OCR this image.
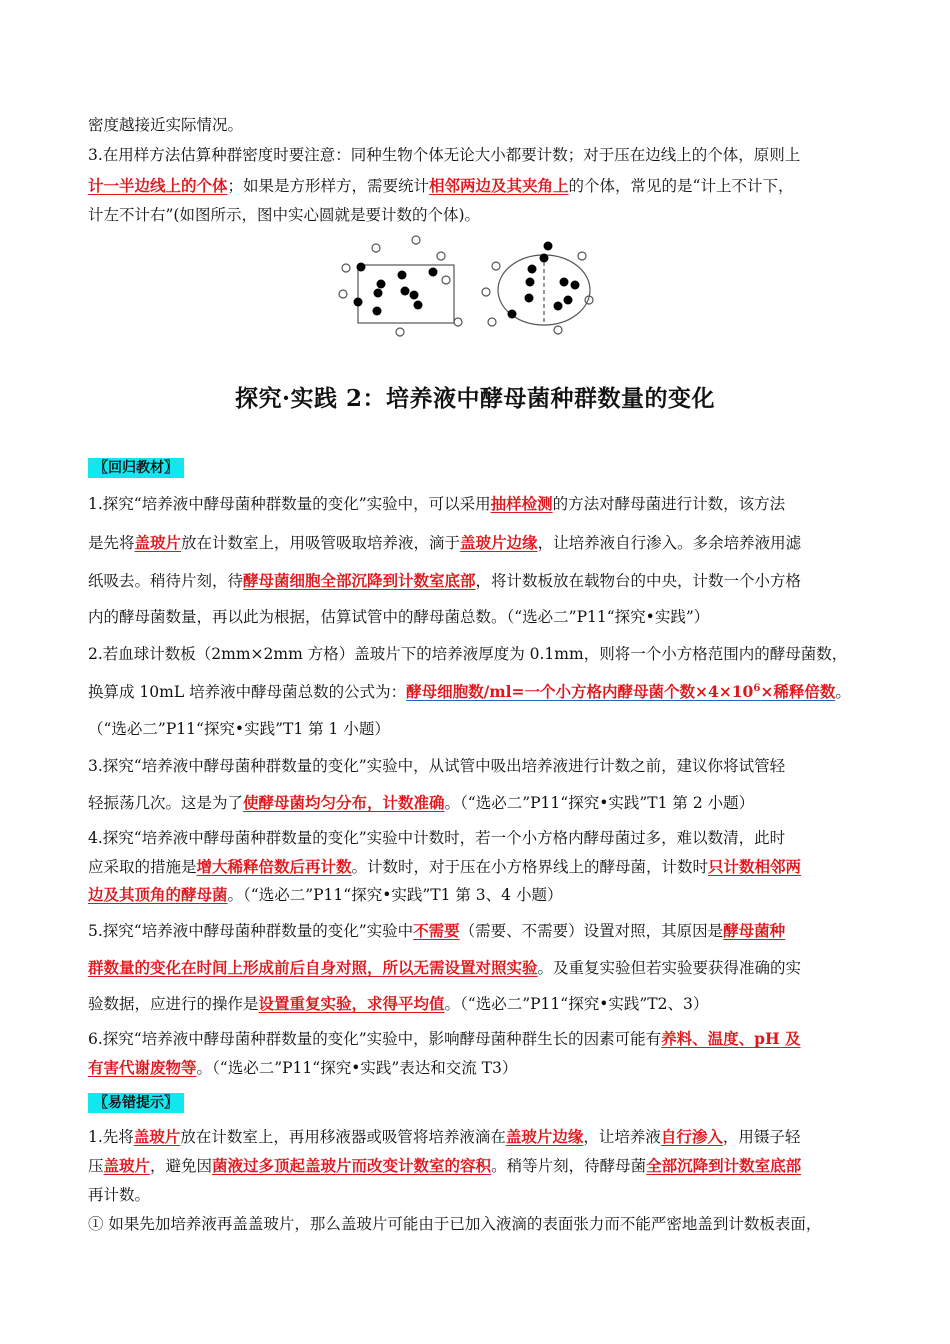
密度越接近实际情况。
3.在用样方法估算种群密度时要注意：同种生物个体无论大小都要计数；对于压在边线上的个体，原则上
计一半边线上的个体；如果是方形样方，需要统计相邻两边及其夹角上的个体，常见的是“计上不计下，
计左不计右”(如图所示，图中实心圆就是要计数的个体)。
探究·实践 2：培养液中酵母菌种群数量的变化
〖回归教材〗
1.探究“培养液中酵母菌种群数量的变化”实验中，可以采用抽样检测的方法对酵母菌进行计数，该方法
是先将盖玻片放在计数室上，用吸管吸取培养液，滴于盖玻片边缘，让培养液自行渗入。多余培养液用滤
纸吸去。稍待片刻，待酵母菌细胞全部沉降到计数室底部，将计数板放在载物台的中央，计数一个小方格
内的酵母菌数量，再以此为根据，估算试管中的酵母菌总数。（“选必二”P11“探究•实践”）
2.若血球计数板（2mm×2mm 方格）盖玻片下的培养液厚度为 0.1mm，则将一个小方格范围内的酵母菌数，
换算成 10mL 培养液中酵母菌总数的公式为：酵母细胞数/ml=一个小方格内酵母菌个数$\times 4\times 10^6\times$稀释倍数。
（“选必二”P11“探究•实践”T1 第 1 小题）
3.探究“培养液中酵母菌种群数量的变化”实验中，从试管中吸出培养液进行计数之前，建议你将试管轻
轻振荡几次。这是为了使酵母菌均匀分布，计数准确。（“选必二”P11“探究•实践”T1 第 2 小题）
4.探究“培养液中酵母菌种群数量的变化”实验中计数时，若一个小方格内酵母菌过多，难以数清，此时
应采取的措施是增大稀释倍数后再计数。计数时，对于压在小方格界线上的酵母菌，计数时只计数相邻两
边及其顶角的酵母菌。（“选必二”P11“探究•实践”T1 第 3、4 小题）
5.探究“培养液中酵母菌种群数量的变化”实验中不需要（需要、不需要）设置对照，其原因是酵母菌种
群数量的变化在时间上形成前后自身对照，所以无需设置对照实验。及重复实验但若实验要获得准确的实
验数据，应进行的操作是设置重复实验，求得平均值。（“选必二”P11“探究•实践”T2、3）
6.探究“培养液中酵母菌种群数量的变化”实验中，影响酵母菌种群生长的因素可能有养料、温度、pH 及
有害代谢废物等。（“选必二”P11“探究•实践”表达和交流 T3）
〖易错提示〗
1.先将盖玻片放在计数室上，再用移液器或吸管将培养液滴在盖玻片边缘，让培养液自行渗入，用镊子轻
压盖玻片，避免因菌液过多顶起盖玻片而改变计数室的容积。稍等片刻，待酵母菌全部沉降到计数室底部
再计数。
① 如果先加培养液再盖盖玻片，那么盖玻片可能由于已加入液滴的表面张力而不能严密地盖到计数板表面，
